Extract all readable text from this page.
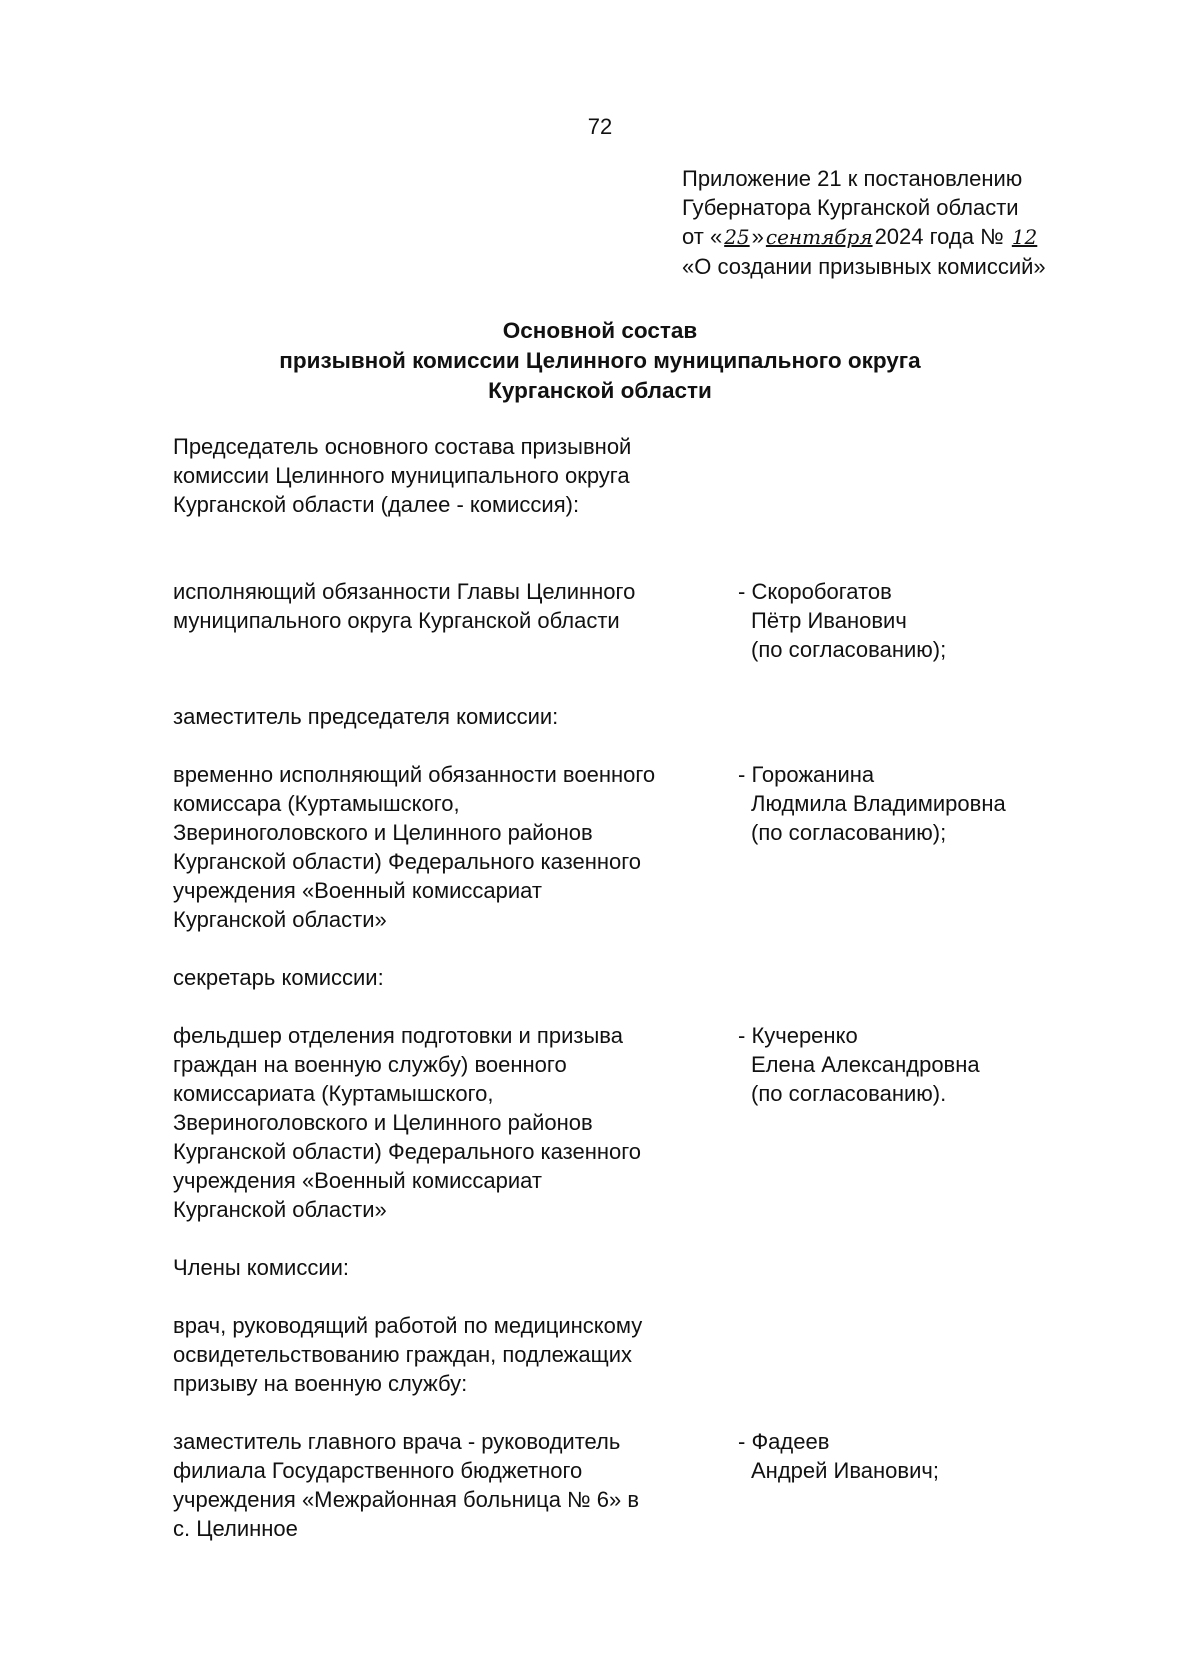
72
Приложение 21 к постановлению
Губернатора Курганской области
от « 25» сентября2024 года № 12
«О создании призывных комиссий»
Основной состав
призывной комиссии Целинного муниципального округа
Курганской области
Председатель основного состава призывной
комиссии Целинного муниципального округа
Курганской области (далее - комиссия):
исполняющий обязанности Главы Целинного
муниципального округа Курганской области
- Скоробогатов
Пётр Иванович
(по согласованию);
заместитель председателя комиссии:
временно исполняющий обязанности военного
комиссара (Куртамышского,
Звериноголовского и Целинного районов
Курганской области) Федерального казенного
учреждения «Военный комиссариат
Курганской области»
- Горожанина
Людмила Владимировна
(по согласованию);
секретарь комиссии:
фельдшер отделения подготовки и призыва
граждан на военную службу) военного
комиссариата (Куртамышского,
Звериноголовского и Целинного районов
Курганской области) Федерального казенного
учреждения «Военный комиссариат
Курганской области»
- Кучеренко
Елена Александровна
(по согласованию).
Члены комиссии:
врач, руководящий работой по медицинскому
освидетельствованию граждан, подлежащих
призыву на военную службу:
заместитель главного врача - руководитель
филиала Государственного бюджетного
учреждения «Межрайонная больница № 6» в
с. Целинное
- Фадеев
Андрей Иванович;
